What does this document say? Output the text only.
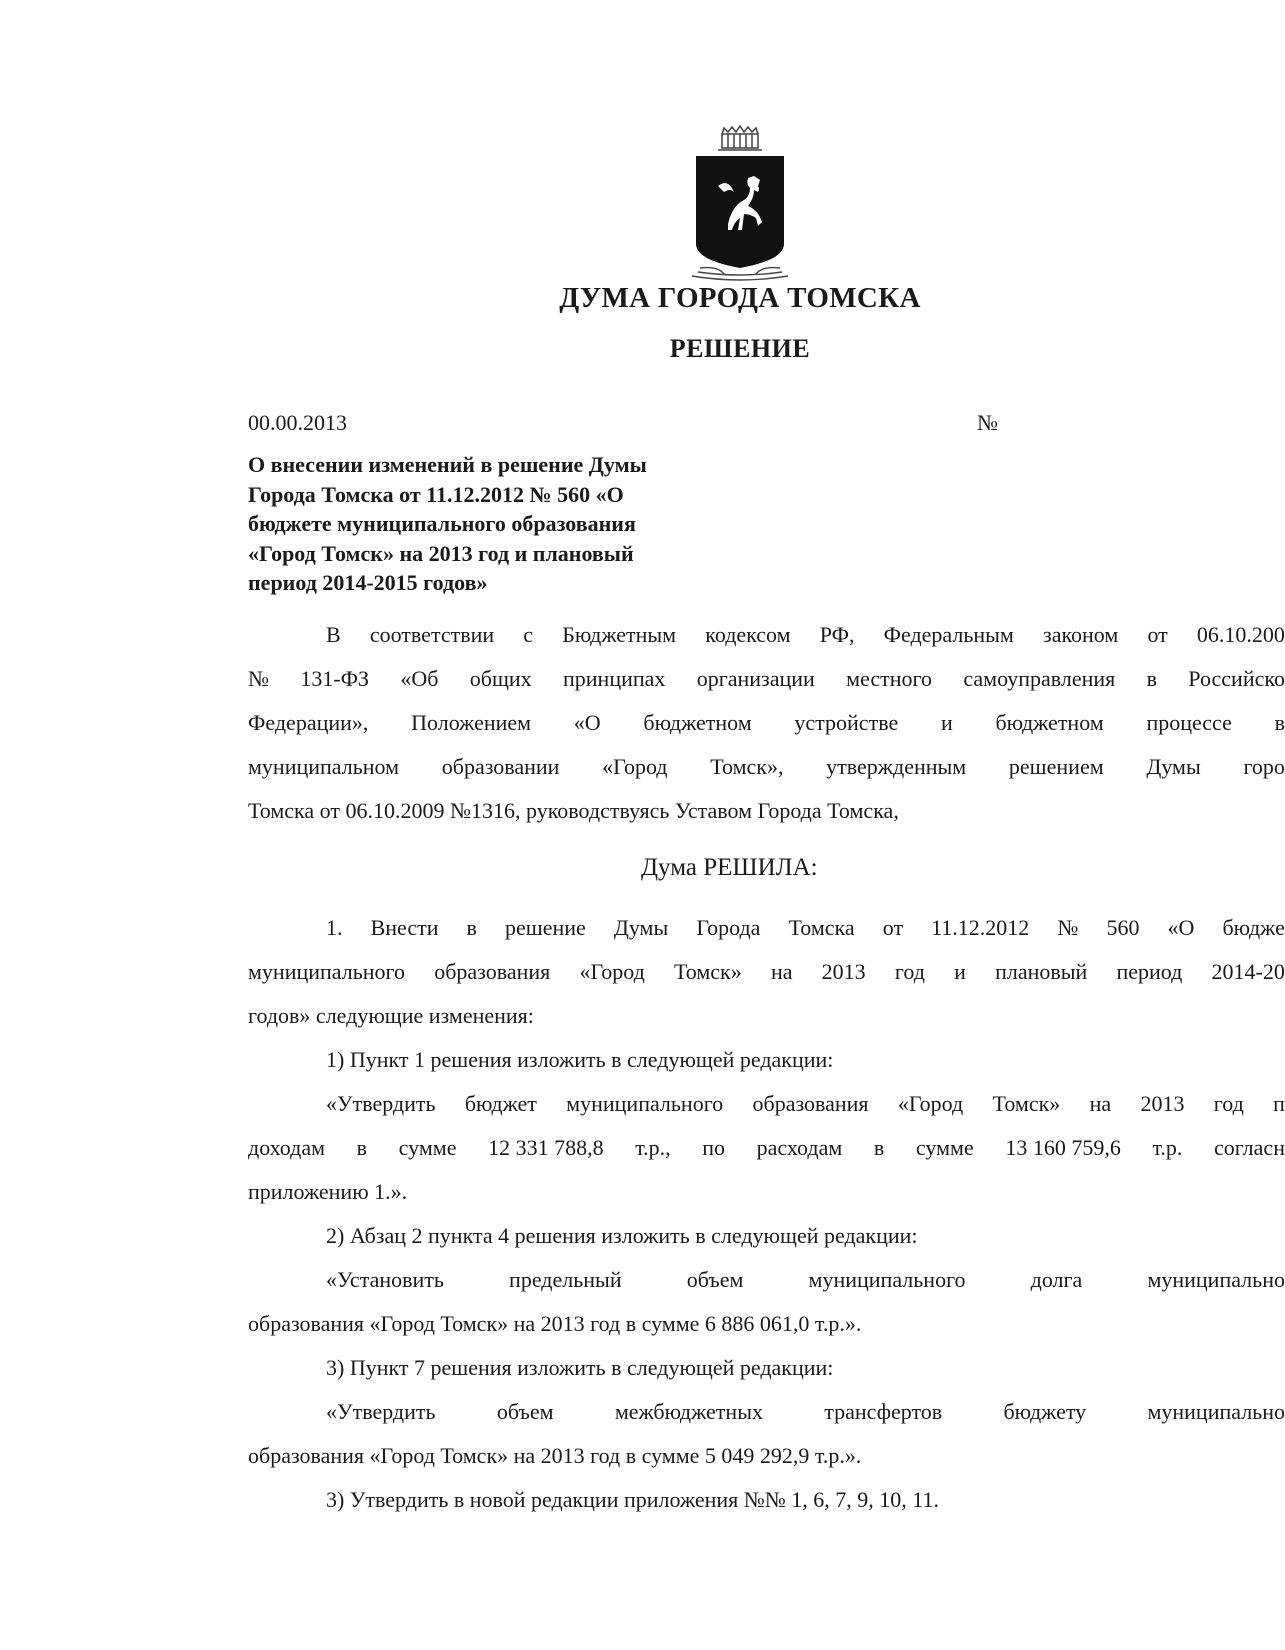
ДУМА ГОРОДА ТОМСКА
РЕШЕНИЕ
00.00.2013	№
О внесении изменений в решение Думы
Города Томска от 11.12.2012 № 560 «О
бюджете муниципального образования
«Город Томск» на 2013 год и плановый
период 2014-2015 годов»
В соответствии с Бюджетным кодексом РФ, Федеральным законом от 06.10.200
№ 131-ФЗ «Об общих принципах организации местного самоуправления в Российско
Федерации», Положением «О бюджетном устройстве и бюджетном процессе в
муниципальном образовании «Город Томск», утвержденным решением Думы горо
Томска от 06.10.2009 №1316, руководствуясь Уставом Города Томска,
Дума РЕШИЛА:
1. Внести в решение Думы Города Томска от 11.12.2012 № 560 «О бюдже
муниципального образования «Город Томск» на 2013 год и плановый период 2014-20
годов» следующие изменения:
1) Пункт 1 решения изложить в следующей редакции:
«Утвердить бюджет муниципального образования «Город Томск» на 2013 год п
доходам в сумме 12 331 788,8 т.р., по расходам в сумме 13 160 759,6 т.р. согласн
приложению 1.».
2) Абзац 2 пункта 4 решения изложить в следующей редакции:
«Установить	предельный	объем	муниципального	долга	муниципально
образования «Город Томск» на 2013 год в сумме 6 886 061,0 т.р.».
3) Пункт 7 решения изложить в следующей редакции:
«Утвердить	объем	межбюджетных	трансфертов	бюджету	муниципально
образования «Город Томск» на 2013 год в сумме 5 049 292,9 т.р.».
3) Утвердить в новой редакции приложения №№ 1, 6, 7, 9, 10, 11.
